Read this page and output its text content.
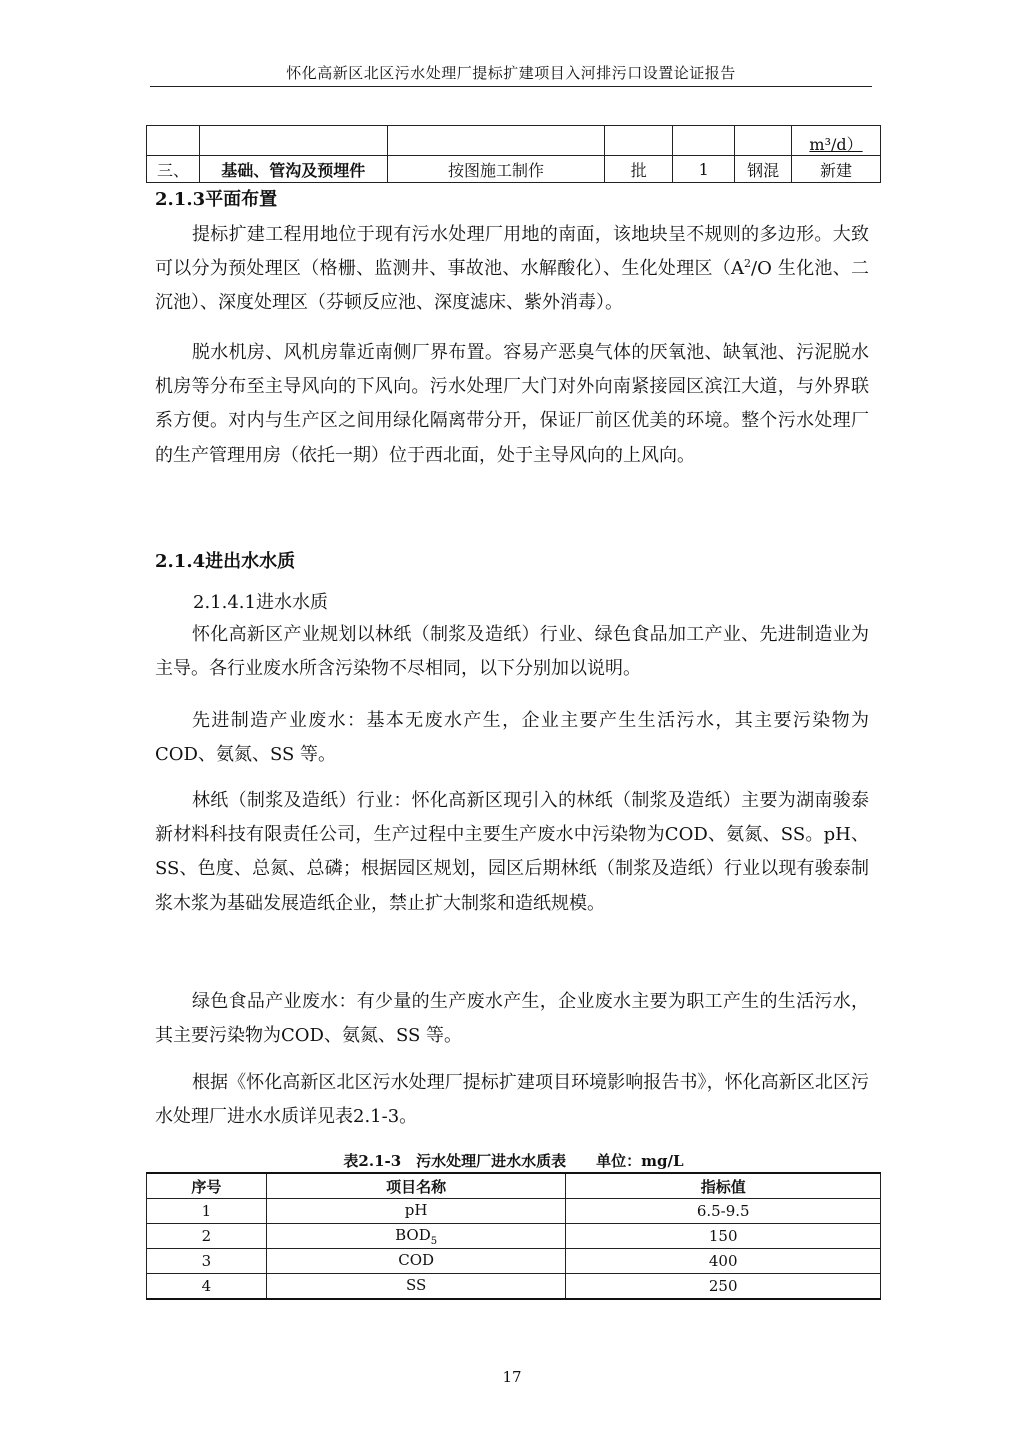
怀化高新区北区污水处理厂提标扩建项目入河排污口设置论证报告
						m³/d）
三、	基础、管沟及预埋件	按图施工制作	批	1	钢混	新建
2.1.3平面布置

提标扩建工程用地位于现有污水处理厂用地的南面，该地块呈不规则的多边形。大致可以分为预处理区（格栅、监测井、事故池、水解酸化）、生化处理区（$A^2/O$ 生化池、二沉池）、深度处理区（芬顿反应池、深度滤床、紫外消毒）。

脱水机房、风机房靠近南侧厂界布置。容易产恶臭气体的厌氧池、缺氧池、污泥脱水机房等分布至主导风向的下风向。污水处理厂大门对外向南紧接园区滨江大道，与外界联系方便。对内与生产区之间用绿化隔离带分开，保证厂前区优美的环境。整个污水处理厂的生产管理用房（依托一期）位于西北面，处于主导风向的上风向。

2.1.4进出水水质
2.1.4.1进水水质

怀化高新区产业规划以林纸（制浆及造纸）行业、绿色食品加工产业、先进制造业为主导。各行业废水所含污染物不尽相同，以下分别加以说明。

先进制造产业废水：基本无废水产生，企业主要产生生活污水，其主要污染物为COD、氨氮、SS 等。

林纸（制浆及造纸）行业：怀化高新区现引入的林纸（制浆及造纸）主要为湖南骏泰新材料科技有限责任公司，生产过程中主要生产废水中污染物为COD、氨氮、SS。pH、SS、色度、总氮、总磷；根据园区规划，园区后期林纸（制浆及造纸）行业以现有骏泰制浆木浆为基础发展造纸企业，禁止扩大制浆和造纸规模。

绿色食品产业废水：有少量的生产废水产生，企业废水主要为职工产生的生活污水，其主要污染物为COD、氨氮、SS 等。

根据《怀化高新区北区污水处理厂提标扩建项目环境影响报告书》，怀化高新区北区污水处理厂进水水质详见表2.1-3。

表2.1-3　污水处理厂进水水质表　　单位：mg/L
序号	项目名称	指标值
1	pH	6.5-9.5
2	$BOD_5$	150
3	COD	400
4	SS	250
17
